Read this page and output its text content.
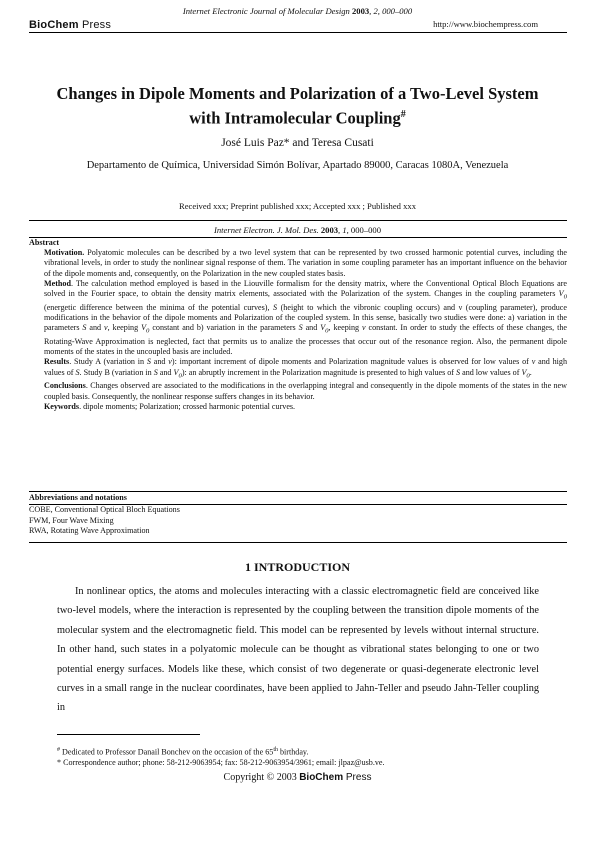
Internet Electronic Journal of Molecular Design 2003, 2, 000–000
BioChem Press	http://www.biochempress.com
Changes in Dipole Moments and Polarization of a Two-Level System with Intramolecular Coupling#
José Luis Paz* and Teresa Cusati
Departamento de Química, Universidad Simón Bolívar, Apartado 89000, Caracas 1080A, Venezuela
Received xxx; Preprint published xxx; Accepted xxx ; Published xxx
Internet Electron. J. Mol. Des. 2003, 1, 000–000
Abstract

Motivation. Polyatomic molecules can be described by a two level system that can be represented by two crossed harmonic potential curves, including the vibrational levels, in order to study the nonlinear signal response of them. The variation in some coupling parameter has an important influence on the behavior of the dipole moments and, consequently, on the Polarization in the new coupled states basis.

Method. The calculation method employed is based in the Liouville formalism for the density matrix, where the Conventional Optical Bloch Equations are solved in the Fourier space, to obtain the density matrix elements, associated with the Polarization of the system. Changes in the coupling parameters $V_0$ (energetic difference between the minima of the potential curves), S (height to which the vibronic coupling occurs) and ν (coupling parameter), produce modifications in the behavior of the dipole moments and Polarization of the coupled system. In this sense, basically two studies were done: a) variation in the parameters S and ν, keeping $V_0$ constant and b) variation in the parameters S and $V_0$, keeping ν constant. In order to study the effects of these changes, the Rotating-Wave Approximation is neglected, fact that permits us to analize the processes that occur out of the resonance region. Also, the permanent dipole moments of the states in the uncoupled basis are included.

Results. Study A (variation in S and ν): important increment of dipole moments and Polarization magnitude values is observed for low values of ν and high values of S. Study B (variation in S and $V_0$): an abruptly increment in the Polarization magnitude is presented to high values of S and low values of $V_0$.

Conclusions. Changes observed are associated to the modifications in the overlapping integral and consequently in the dipole moments of the states in the new coupled basis. Consequently, the nonlinear response suffers changes in its behavior.

Keywords. dipole moments; Polarization; crossed harmonic potential curves.

Abbreviations and notations
COBE, Conventional Optical Bloch Equations
FWM, Four Wave Mixing
RWA, Rotating Wave Approximation
1 INTRODUCTION

In nonlinear optics, the atoms and molecules interacting with a classic electromagnetic field are conceived like two-level models, where the interaction is represented by the coupling between the transition dipole moments of the molecular system and the electromagnetic field. This model can be represented by levels without internal structure. In other hand, such states in a polyatomic molecule can be thought as vibrational states belonging to one or two potential energy surfaces. Models like these, which consist of two degenerate or quasi-degenerate electronic level curves in a small range in the nuclear coordinates, have been applied to Jahn-Teller and pseudo Jahn-Teller coupling in

# Dedicated to Professor Danail Bonchev on the occasion of the 65th birthday.
* Correspondence author; phone: 58-212-9063954; fax: 58-212-9063954/3961; email: jlpaz@usb.ve.
Copyright © 2003 BioChem Press
